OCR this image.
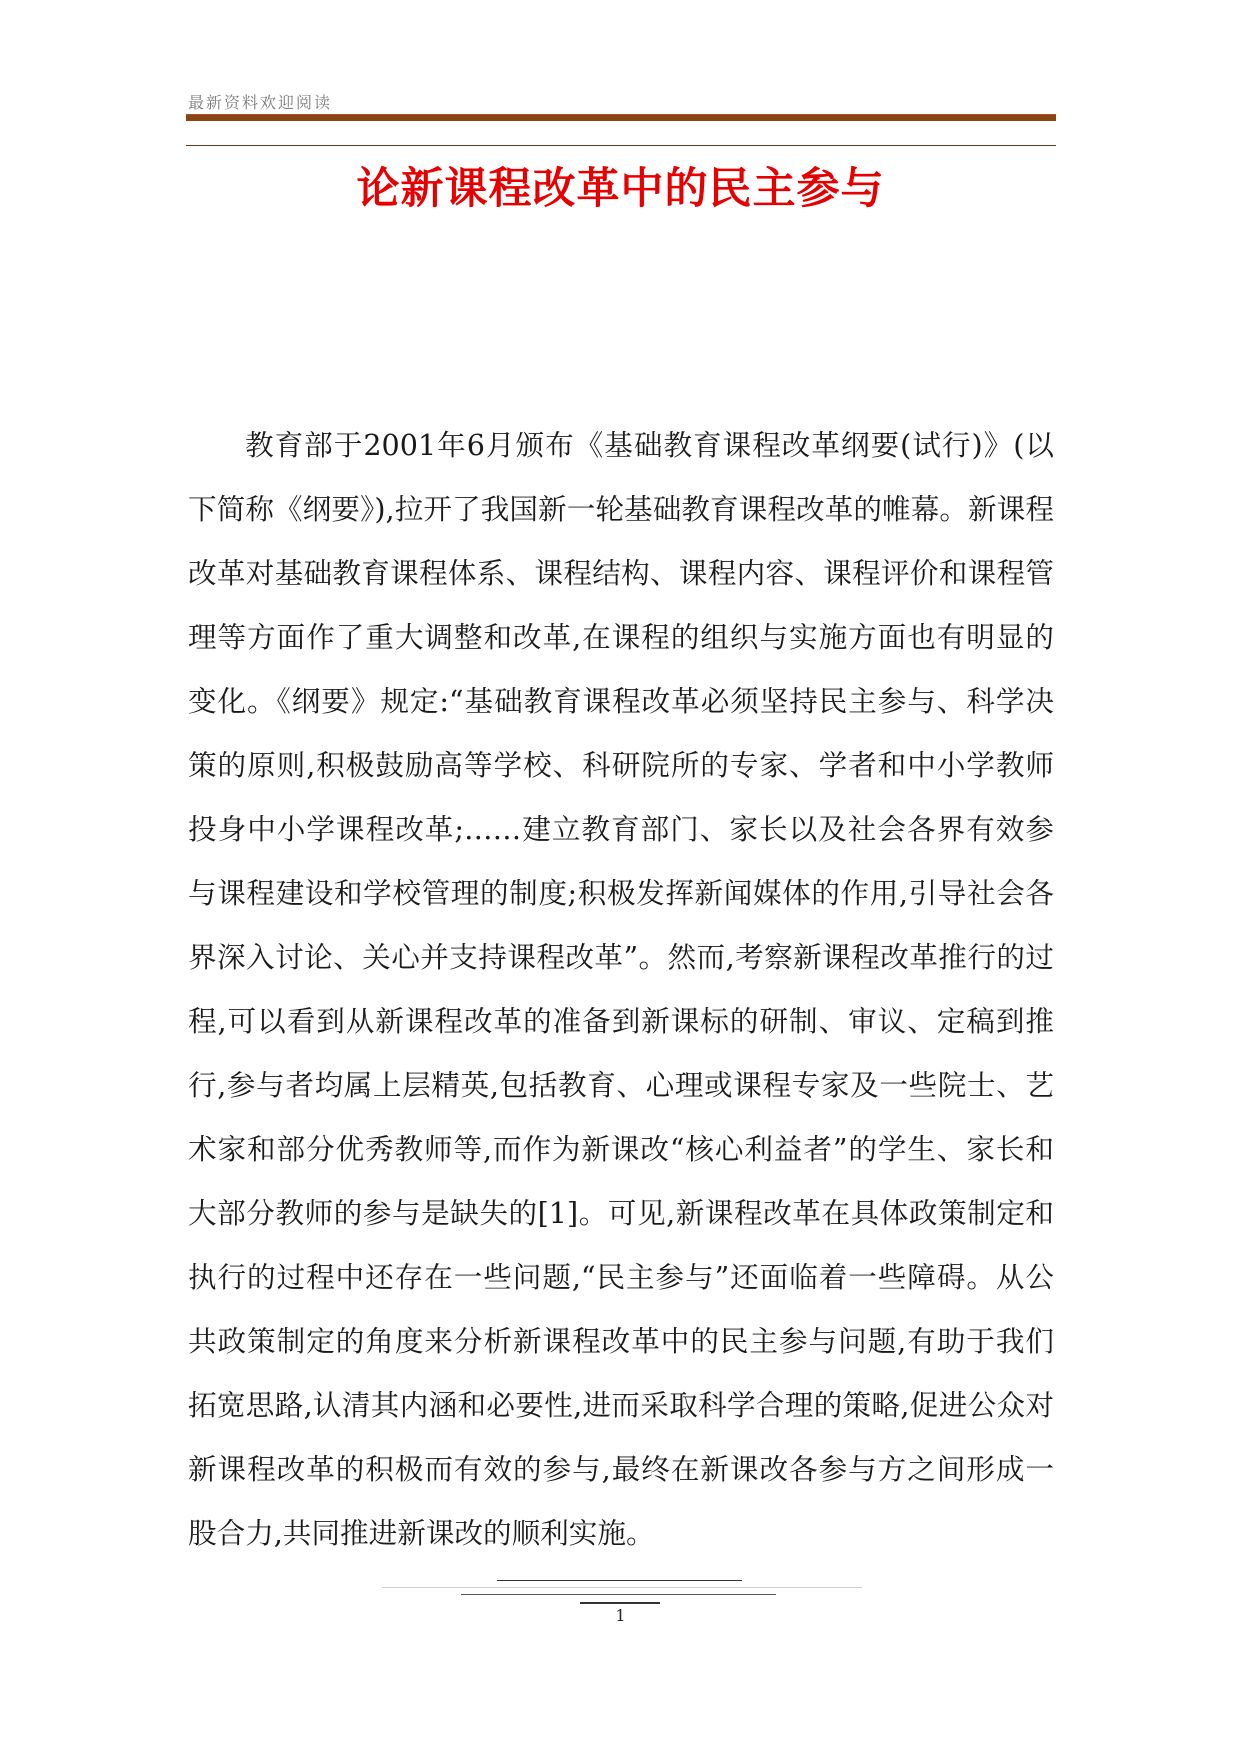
最新资料欢迎阅读
论新课程改革中的民主参与

教育部于2001年6月颁布《基础教育课程改革纲要(试行)》(以下简称《纲要》),拉开了我国新一轮基础教育课程改革的帷幕。新课程改革对基础教育课程体系、课程结构、课程内容、课程评价和课程管理等方面作了重大调整和改革,在课程的组织与实施方面也有明显的变化。《纲要》规定:“基础教育课程改革必须坚持民主参与、科学决策的原则,积极鼓励高等学校、科研院所的专家、学者和中小学教师投身中小学课程改革;……建立教育部门、家长以及社会各界有效参与课程建设和学校管理的制度;积极发挥新闻媒体的作用,引导社会各界深入讨论、关心并支持课程改革”。然而,考察新课程改革推行的过程,可以看到从新课程改革的准备到新课标的研制、审议、定稿到推行,参与者均属上层精英,包括教育、心理或课程专家及一些院士、艺术家和部分优秀教师等,而作为新课改“核心利益者”的学生、家长和大部分教师的参与是缺失的[1]。可见,新课程改革在具体政策制定和执行的过程中还存在一些问题,“民主参与”还面临着一些障碍。从公共政策制定的角度来分析新课程改革中的民主参与问题,有助于我们拓宽思路,认清其内涵和必要性,进而采取科学合理的策略,促进公众对新课程改革的积极而有效的参与,最终在新课改各参与方之间形成一股合力,共同推进新课改的顺利实施。

1
